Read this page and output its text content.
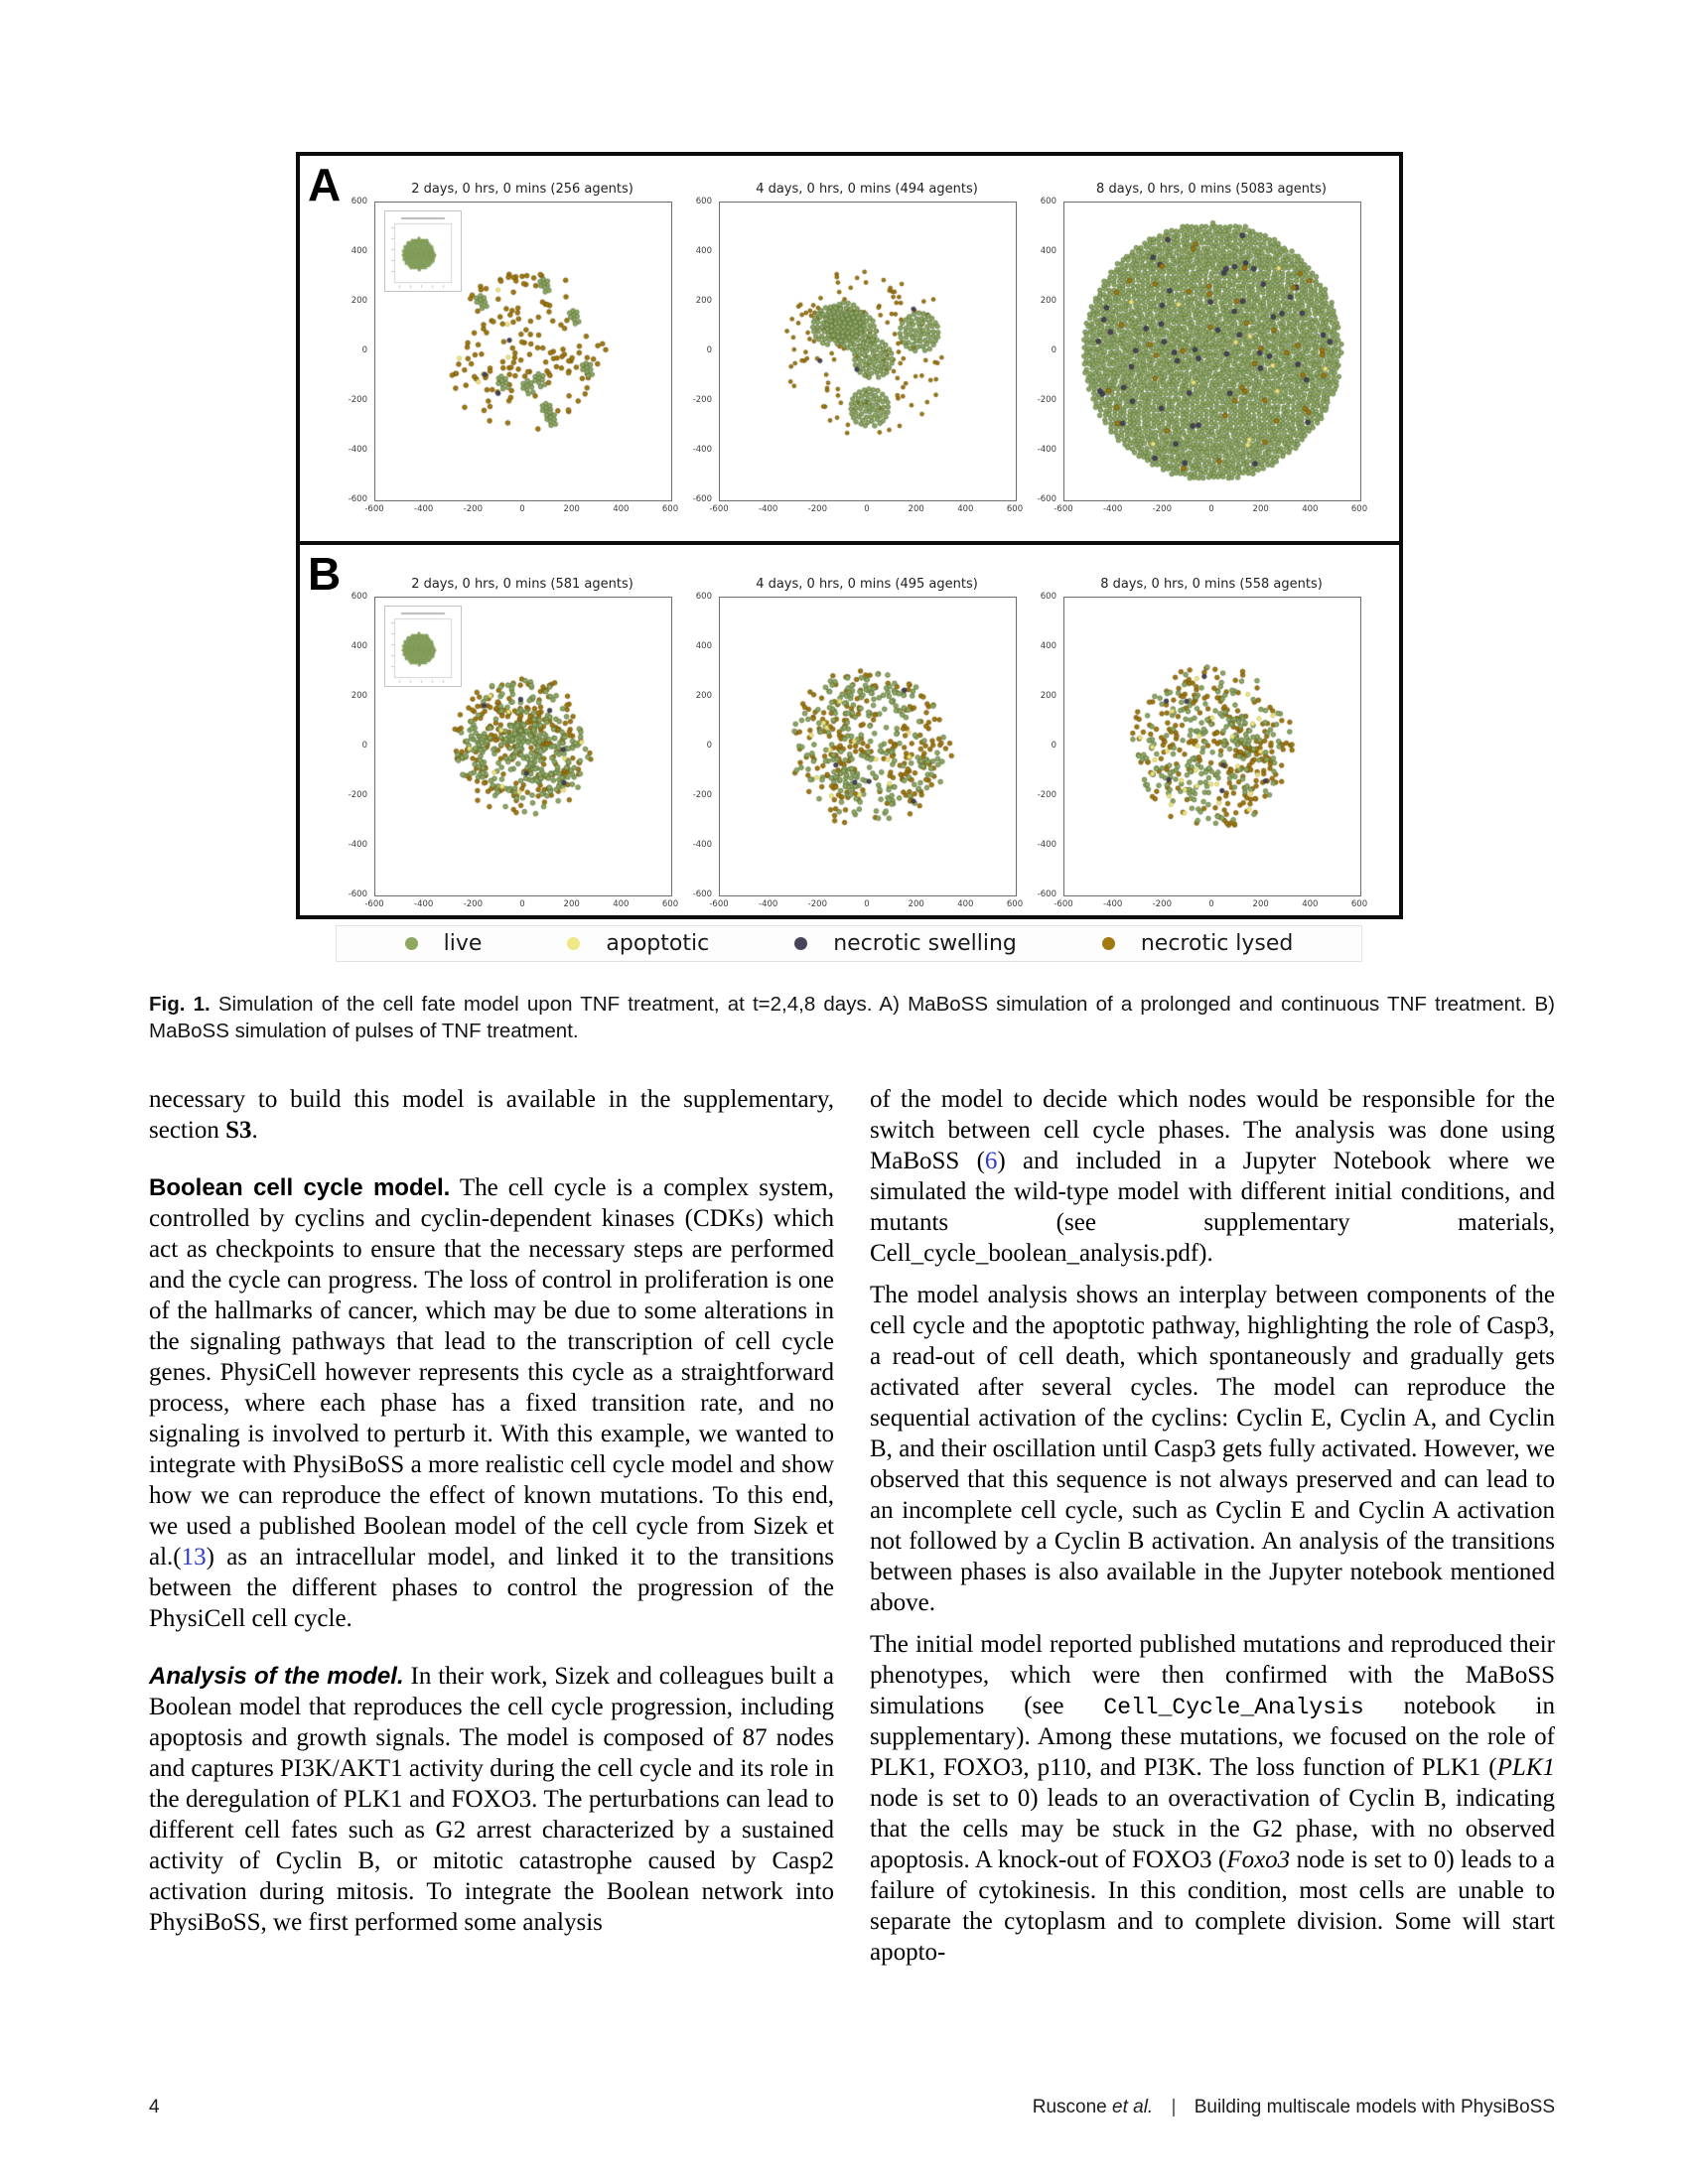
A	2 days, 0 hrs, 0 mins (256 agents)
600
400
200
0
-200
-400
-600
-600	-400	-200	0	200	400	600
4 days, 0 hrs, 0 mins (494 agents)
600
400
200
0
-200
-400
-600
-600	-400	-200	0	200	400	600
8 days, 0 hrs, 0 mins (5083 agents)
600
400
200
0
-200
-400
-600
-600	-400	-200	0	200	400	600
B	2 days, 0 hrs, 0 mins (581 agents)
600
400
200
0
-200
-400
-600
-600	-400	-200	0	200	400	600
4 days, 0 hrs, 0 mins (495 agents)
600
400
200
0
-200
-400
-600
-600	-400	-200	0	200	400	600
8 days, 0 hrs, 0 mins (558 agents)
600
400
200
0
-200
-400
-600
-600	-400	-200	0	200	400	600
live	apoptotic	necrotic swelling	necrotic lysed
Fig. 1. Simulation of the cell fate model upon TNF treatment, at t=2,4,8 days. A) MaBoSS simulation of a prolonged and continuous TNF treatment. B) MaBoSS simulation of pulses of TNF treatment.

necessary to build this model is available in the supplementary, section S3.

Boolean cell cycle model. The cell cycle is a complex system, controlled by cyclins and cyclin-dependent kinases (CDKs) which act as checkpoints to ensure that the necessary steps are performed and the cycle can progress. The loss of control in proliferation is one of the hallmarks of cancer, which may be due to some alterations in the signaling pathways that lead to the transcription of cell cycle genes. PhysiCell however represents this cycle as a straightforward process, where each phase has a fixed transition rate, and no signaling is involved to perturb it. With this example, we wanted to integrate with PhysiBoSS a more realistic cell cycle model and show how we can reproduce the effect of known mutations. To this end, we used a published Boolean model of the cell cycle from Sizek et al.(13) as an intracellular model, and linked it to the transitions between the different phases to control the progression of the PhysiCell cell cycle.

Analysis of the model. In their work, Sizek and colleagues built a Boolean model that reproduces the cell cycle progression, including apoptosis and growth signals. The model is composed of 87 nodes and captures PI3K/AKT1 activity during the cell cycle and its role in the deregulation of PLK1 and FOXO3. The perturbations can lead to different cell fates such as G2 arrest characterized by a sustained activity of Cyclin B, or mitotic catastrophe caused by Casp2 activation during mitosis. To integrate the Boolean network into PhysiBoSS, we first performed some analysis

of the model to decide which nodes would be responsible for the switch between cell cycle phases. The analysis was done using MaBoSS (6) and included in a Jupyter Notebook where we simulated the wild-type model with different initial conditions, and mutants (see supplementary materials, Cell_cycle_boolean_analysis.pdf).

The model analysis shows an interplay between components of the cell cycle and the apoptotic pathway, highlighting the role of Casp3, a read-out of cell death, which spontaneously and gradually gets activated after several cycles. The model can reproduce the sequential activation of the cyclins: Cyclin E, Cyclin A, and Cyclin B, and their oscillation until Casp3 gets fully activated. However, we observed that this sequence is not always preserved and can lead to an incomplete cell cycle, such as Cyclin E and Cyclin A activation not followed by a Cyclin B activation. An analysis of the transitions between phases is also available in the Jupyter notebook mentioned above.

The initial model reported published mutations and reproduced their phenotypes, which were then confirmed with the MaBoSS simulations (see Cell_Cycle_Analysis notebook in supplementary). Among these mutations, we focused on the role of PLK1, FOXO3, p110, and PI3K. The loss function of PLK1 (PLK1 node is set to 0) leads to an overactivation of Cyclin B, indicating that the cells may be stuck in the G2 phase, with no observed apoptosis. A knock-out of FOXO3 (Foxo3 node is set to 0) leads to a failure of cytokinesis. In this condition, most cells are unable to separate the cytoplasm and to complete division. Some will start apopto-

4	Ruscone et al. | Building multiscale models with PhysiBoSS
